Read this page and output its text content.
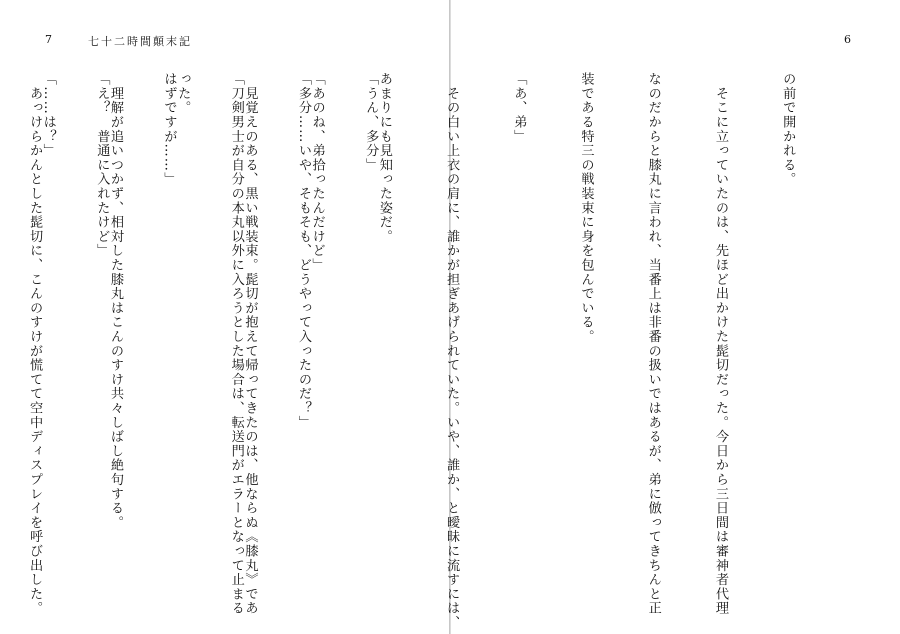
7	七十二時間顛末記

「うん、多分」

「多分……いや、そもそも、どうやって入ったのだ？」

「刀剣男士が自分の本丸以外に入ろうとした場合は、転送門がエラーとなって止まる

はずですが……」

「え？　普通に入れたけど」

　あっけらかんとした髭切に、こんのすけが慌てて空中ディスプレイを呼び出した。

6

の前で開かれる。

　そこに立っていたのは、先ほど出かけた髭切だった。今日から三日間は審神者代理

なのだからと膝丸に言われ、当番上は非番の扱いではあるが、弟に倣ってきちんと正

装である特三の戦装束に身を包んでいる。

「あ、弟」

　その白い上衣の肩に、誰かが担ぎあげられていた。いや、誰か、と曖昧に流すには、

あまりにも見知った姿だ。

「あのね、弟拾ったんだけど」

　見覚えのある、黒い戦装束。髭切が抱えて帰ってきたのは、他ならぬ《膝丸》であ

った。

　理解が追いつかず、相対した膝丸はこんのすけ共々しばし絶句する。

「……は？」
